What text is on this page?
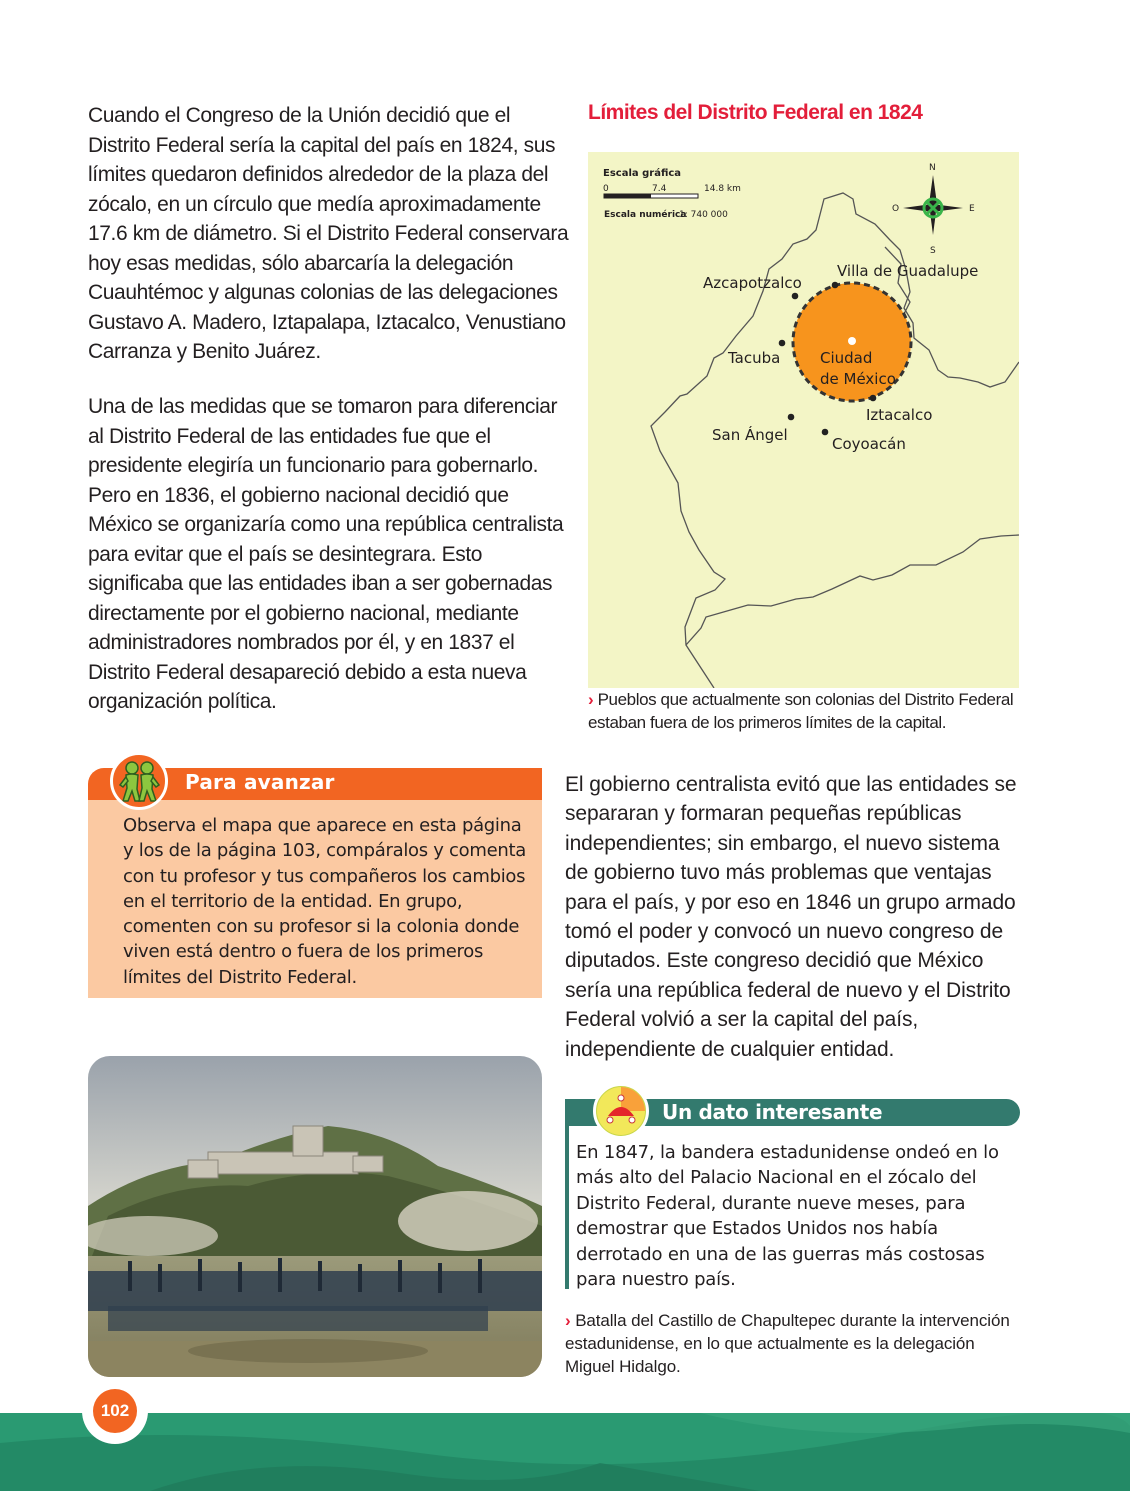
Cuando el Congreso de la Unión decidió que el Distrito Federal sería la capital del país en 1824, sus límites quedaron definidos alrededor de la plaza del zócalo, en un círculo que medía aproximadamente 17.6 km de diámetro. Si el Distrito Federal conservara hoy esas medidas, sólo abarcaría la delegación Cuauhtémoc y algunas colonias de las delegaciones Gustavo A. Madero, Iztapalapa, Iztacalco, Venustiano Carranza y Benito Juárez.

Una de las medidas que se tomaron para diferenciar al Distrito Federal de las entidades fue que el presidente elegiría un funcionario para gobernarlo. Pero en 1836, el gobierno nacional decidió que México se organizaría como una república centralista para evitar que el país se desintegrara. Esto significaba que las entidades iban a ser gobernadas directamente por el gobierno nacional, mediante administradores nombrados por él, y en 1837 el Distrito Federal desapareció debido a esta nueva organización política.

Límites del Distrito Federal en 1824
Azcapotzalco
Villa de Guadalupe
Tacuba	Ciudad
de México
Iztacalco
San Ángel	Coyoacán
Escala gráfica
0	7.4	14.8 km
Escala numérica
1: 740 000
N
S
O	E

› Pueblos que actualmente son colonias del Distrito Federal estaban fuera de los primeros límites de la capital.

El gobierno centralista evitó que las entidades se separaran y formaran pequeñas repúblicas independientes; sin embargo, el nuevo sistema de gobierno tuvo más problemas que ventajas para el país, y por eso en 1846 un grupo armado tomó el poder y convocó un nuevo congreso de diputados. Este congreso decidió que México sería una república federal de nuevo y el Distrito Federal volvió a ser la capital del país, independiente de cualquier entidad.

Para avanzar

Observa el mapa que aparece en esta página y los de la página 103, compáralos y comenta con tu profesor y tus compañeros los cambios en el territorio de la entidad. En grupo, comenten con su profesor si la colonia donde viven está dentro o fuera de los primeros límites del Distrito Federal.

Un dato interesante

En 1847, la bandera estadunidense ondeó en lo más alto del Palacio Nacional en el zócalo del Distrito Federal, durante nueve meses, para demostrar que Estados Unidos nos había derrotado en una de las guerras más costosas para nuestro país.

› Batalla del Castillo de Chapultepec durante la intervención estadunidense, en lo que actualmente es la delegación Miguel Hidalgo.

102
